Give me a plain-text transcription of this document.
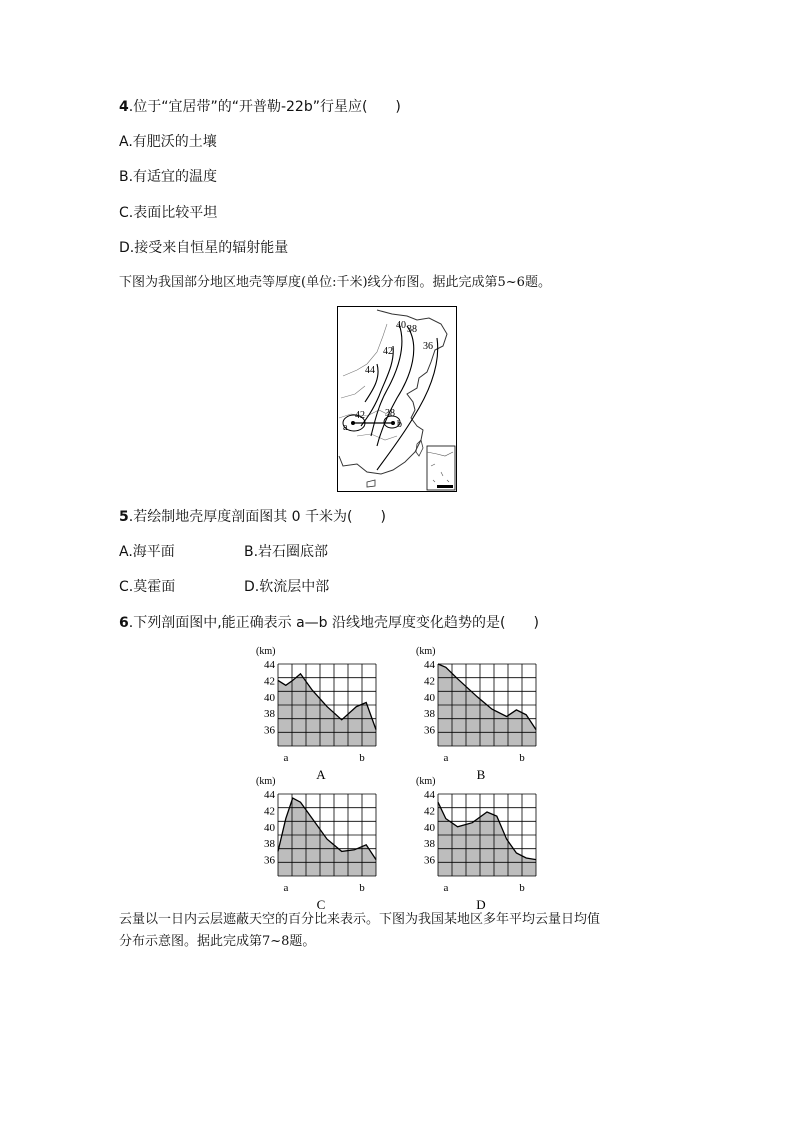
4.位于“宜居带”的“开普勒-22b”行星应(　　)
A.有肥沃的土壤
B.有适宜的温度
C.表面比较平坦
D.接受来自恒星的辐射能量
下图为我国部分地区地壳等厚度(单位:千米)线分布图。据此完成第5~6题。
40 38
36
42
44
42 38
a	b
5.若绘制地壳厚度剖面图其 0 千米为(　　)
A.海平面	B.岩石圈底部
C.莫霍面	D.软流层中部
6.下列剖面图中,能正确表示 a—b 沿线地壳厚度变化趋势的是(　　)
44
42
40
38
36
(km)
a	b
A
44
42
40
38
36
(km)
a	b
B
44
42
40
38
36
(km)
a	b
C
44
42
40
38
36
(km)
a	b
D
云量以一日内云层遮蔽天空的百分比来表示。下图为我国某地区多年平均云量日均值
分布示意图。据此完成第7~8题。
